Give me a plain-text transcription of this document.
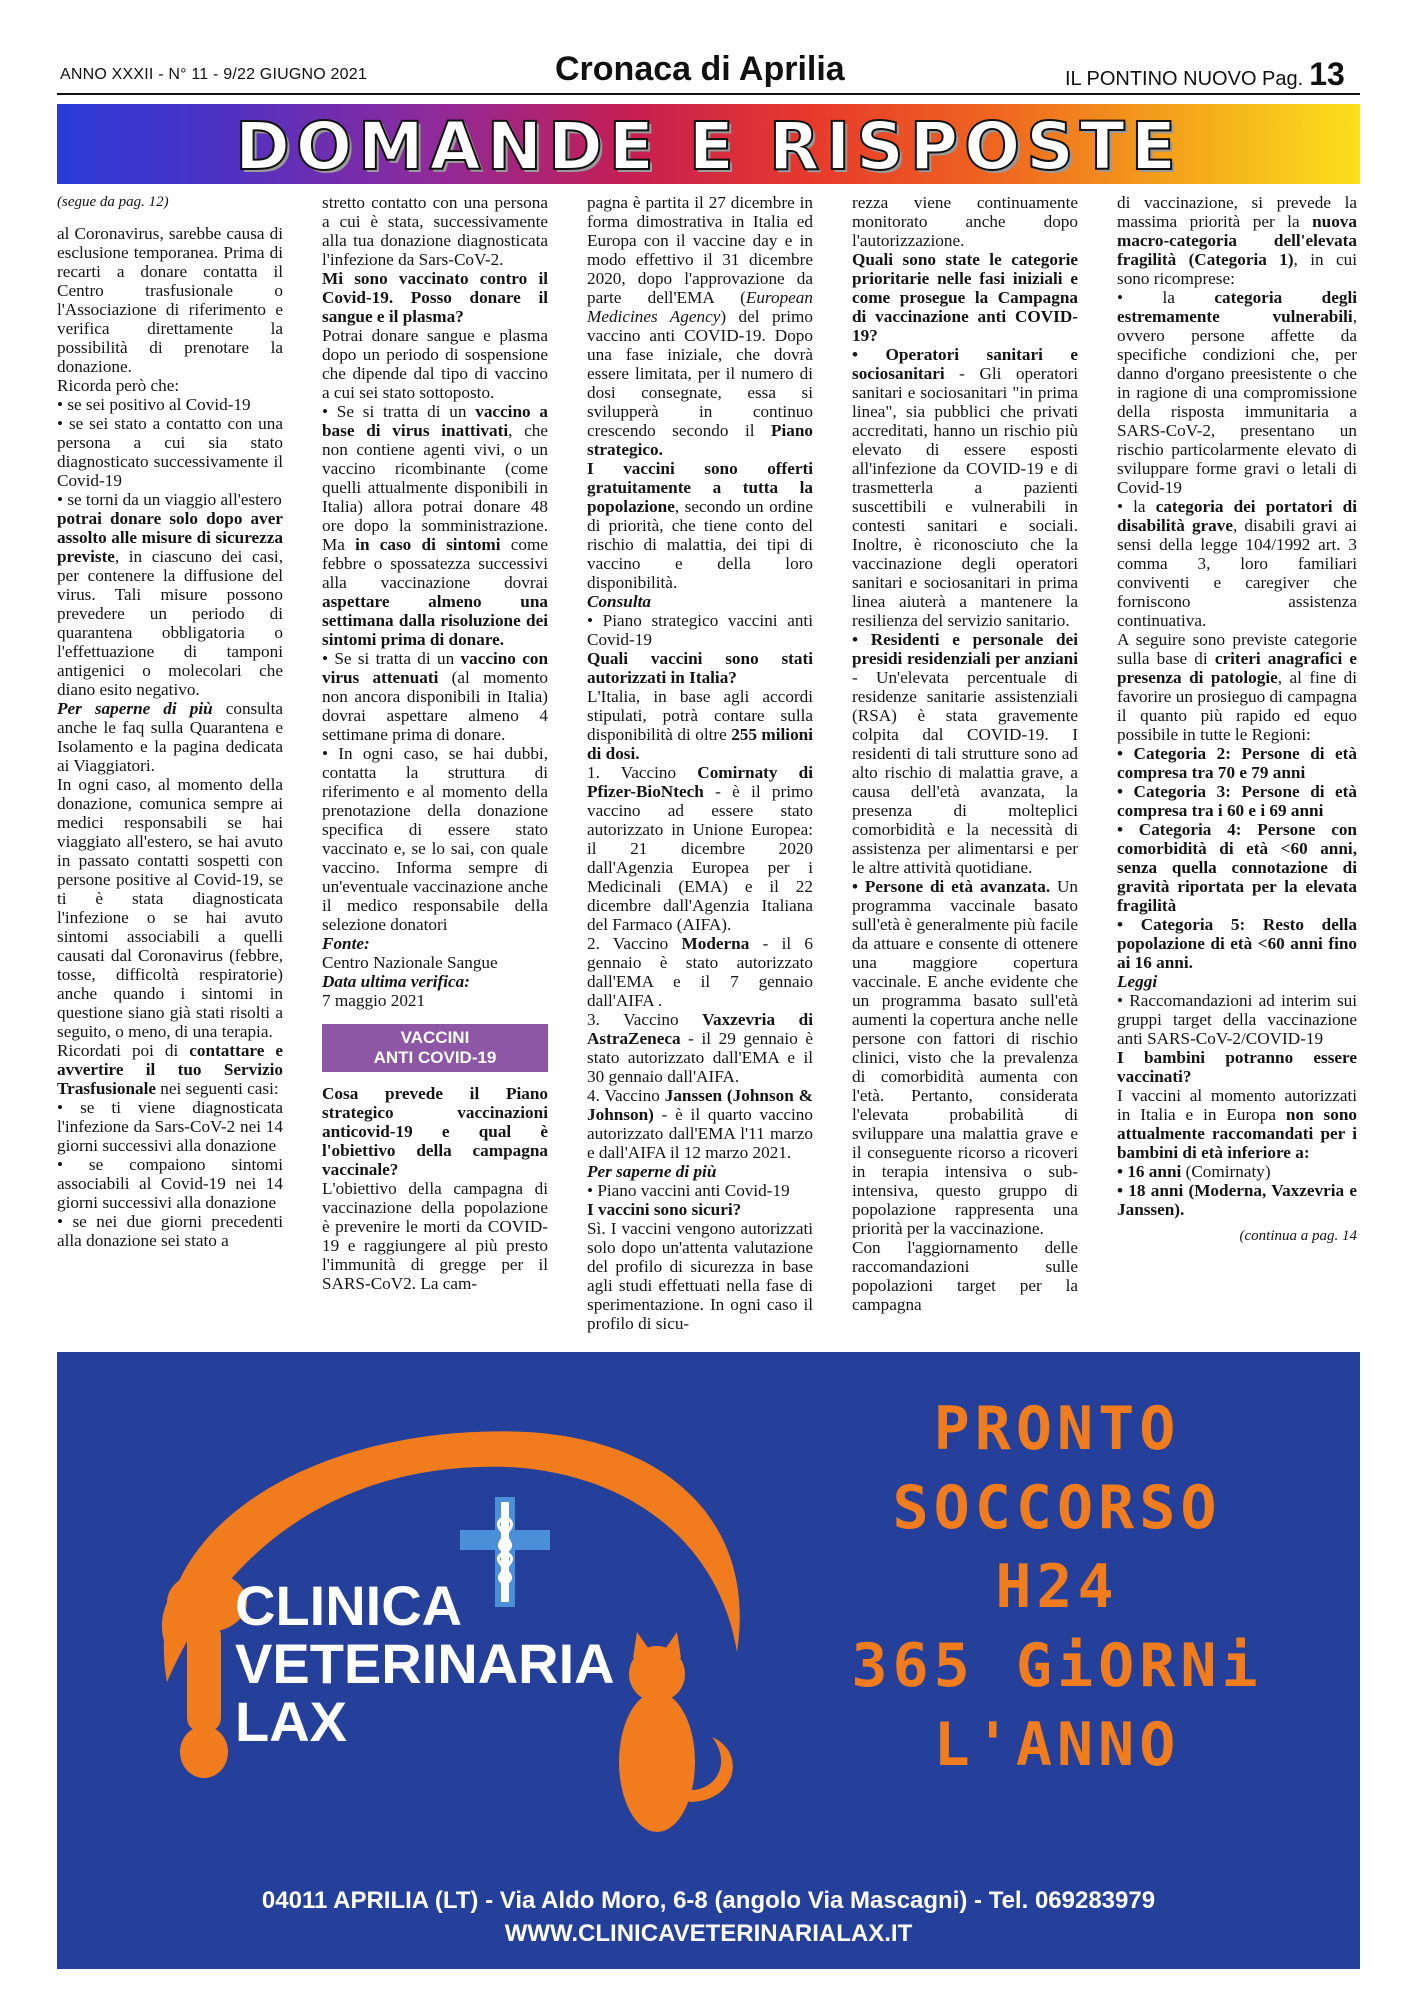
ANNO XXXII - N° 11 - 9/22 GIUGNO 2021	Cronaca di Aprilia	IL PONTINO NUOVO Pag. 13
DOMANDE E RISPOSTE

(segue da pag. 12)

al Coronavirus, sarebbe causa di esclusione temporanea. Prima di recarti a donare contatta il Centro trasfusionale o l'Associazione di riferimento e verifica direttamente la possibilità di prenotare la donazione.

Ricorda però che:

• se sei positivo al Covid-19

• se sei stato a contatto con una persona a cui sia stato diagnosticato successivamente il Covid-19

• se torni da un viaggio all'estero

potrai donare solo dopo aver assolto alle misure di sicurezza previste, in ciascuno dei casi, per contenere la diffusione del virus. Tali misure possono prevedere un periodo di quarantena obbligatoria o l'effettuazione di tamponi antigenici o molecolari che diano esito negativo.

Per saperne di più consulta anche le faq sulla Quarantena e Isolamento e la pagina dedicata ai Viaggiatori.

In ogni caso, al momento della donazione, comunica sempre ai medici responsabili se hai viaggiato all'estero, se hai avuto in passato contatti sospetti con persone positive al Covid-19, se ti è stata diagnosticata l'infezione o se hai avuto sintomi associabili a quelli causati dal Coronavirus (febbre, tosse, difficoltà respiratorie) anche quando i sintomi in questione siano già stati risolti a seguito, o meno, di una terapia.

Ricordati poi di contattare e avvertire il tuo Servizio Trasfusionale nei seguenti casi:

• se ti viene diagnosticata l'infezione da Sars-CoV-2 nei 14 giorni successivi alla donazione

• se compaiono sintomi associabili al Covid-19 nei 14 giorni successivi alla donazione

• se nei due giorni precedenti alla donazione sei stato a

stretto contatto con una persona a cui è stata, successivamente alla tua donazione diagnosticata l'infezione da Sars-CoV-2.

Mi sono vaccinato contro il Covid-19. Posso donare il sangue e il plasma?

Potrai donare sangue e plasma dopo un periodo di sospensione che dipende dal tipo di vaccino a cui sei stato sottoposto.

• Se si tratta di un vaccino a base di virus inattivati, che non contiene agenti vivi, o un vaccino ricombinante (come quelli attualmente disponibili in Italia) allora potrai donare 48 ore dopo la somministrazione. Ma in caso di sintomi come febbre o spossatezza successivi alla vaccinazione dovrai aspettare almeno una settimana dalla risoluzione dei sintomi prima di donare.

• Se si tratta di un vaccino con virus attenuati (al momento non ancora disponibili in Italia) dovrai aspettare almeno 4 settimane prima di donare.

• In ogni caso, se hai dubbi, contatta la struttura di riferimento e al momento della prenotazione della donazione specifica di essere stato vaccinato e, se lo sai, con quale vaccino. Informa sempre di un'eventuale vaccinazione anche il medico responsabile della selezione donatori

Fonte:

Centro Nazionale Sangue

Data ultima verifica:

7 maggio 2021

VACCINI
ANTI COVID-19

Cosa prevede il Piano strategico vaccinazioni anticovid-19 e qual è l'obiettivo della campagna vaccinale?

L'obiettivo della campagna di vaccinazione della popolazione è prevenire le morti da COVID-19 e raggiungere al più presto l'immunità di gregge per il SARS-CoV2. La cam-

pagna è partita il 27 dicembre in forma dimostrativa in Italia ed Europa con il vaccine day e in modo effettivo il 31 dicembre 2020, dopo l'approvazione da parte dell'EMA (European Medicines Agency) del primo vaccino anti COVID-19. Dopo una fase iniziale, che dovrà essere limitata, per il numero di dosi consegnate, essa si svilupperà in continuo crescendo secondo il Piano strategico.

I vaccini sono offerti gratuitamente a tutta la popolazione, secondo un ordine di priorità, che tiene conto del rischio di malattia, dei tipi di vaccino e della loro disponibilità.

Consulta

• Piano strategico vaccini anti Covid-19

Quali vaccini sono stati autorizzati in Italia?

L'Italia, in base agli accordi stipulati, potrà contare sulla disponibilità di oltre 255 milioni di dosi.

1. Vaccino Comirnaty di Pfizer-BioNtech - è il primo vaccino ad essere stato autorizzato in Unione Europea: il 21 dicembre 2020 dall'Agenzia Europea per i Medicinali (EMA) e il 22 dicembre dall'Agenzia Italiana del Farmaco (AIFA).

2. Vaccino Moderna - il 6 gennaio è stato autorizzato dall'EMA e il 7 gennaio dall'AIFA .

3. Vaccino Vaxzevria di AstraZeneca - il 29 gennaio è stato autorizzato dall'EMA e il 30 gennaio dall'AIFA.

4. Vaccino Janssen (Johnson & Johnson) - è il quarto vaccino autorizzato dall'EMA l'11 marzo e dall'AIFA il 12 marzo 2021.

Per saperne di più

• Piano vaccini anti Covid-19

I vaccini sono sicuri?

Sì. I vaccini vengono autorizzati solo dopo un'attenta valutazione del profilo di sicurezza in base agli studi effettuati nella fase di sperimentazione. In ogni caso il profilo di sicu-

rezza viene continuamente monitorato anche dopo l'autorizzazione.

Quali sono state le categorie prioritarie nelle fasi iniziali e come prosegue la Campagna di vaccinazione anti COVID-19?

• Operatori sanitari e sociosanitari - Gli operatori sanitari e sociosanitari "in prima linea", sia pubblici che privati accreditati, hanno un rischio più elevato di essere esposti all'infezione da COVID-19 e di trasmetterla a pazienti suscettibili e vulnerabili in contesti sanitari e sociali. Inoltre, è riconosciuto che la vaccinazione degli operatori sanitari e sociosanitari in prima linea aiuterà a mantenere la resilienza del servizio sanitario.

• Residenti e personale dei presidi residenziali per anziani - Un'elevata percentuale di residenze sanitarie assistenziali (RSA) è stata gravemente colpita dal COVID-19. I residenti di tali strutture sono ad alto rischio di malattia grave, a causa dell'età avanzata, la presenza di molteplici comorbidità e la necessità di assistenza per alimentarsi e per le altre attività quotidiane.

• Persone di età avanzata. Un programma vaccinale basato sull'età è generalmente più facile da attuare e consente di ottenere una maggiore copertura vaccinale. E anche evidente che un programma basato sull'età aumenti la copertura anche nelle persone con fattori di rischio clinici, visto che la prevalenza di comorbidità aumenta con l'età. Pertanto, considerata l'elevata probabilità di sviluppare una malattia grave e il conseguente ricorso a ricoveri in terapia intensiva o sub-intensiva, questo gruppo di popolazione rappresenta una priorità per la vaccinazione.

Con l'aggiornamento delle raccomandazioni sulle popolazioni target per la campagna

di vaccinazione, si prevede la massima priorità per la nuova macro-categoria dell'elevata fragilità (Categoria 1), in cui sono ricomprese:

• la categoria degli estremamente vulnerabili, ovvero persone affette da specifiche condizioni che, per danno d'organo preesistente o che in ragione di una compromissione della risposta immunitaria a SARS-CoV-2, presentano un rischio particolarmente elevato di sviluppare forme gravi o letali di Covid-19

• la categoria dei portatori di disabilità grave, disabili gravi ai sensi della legge 104/1992 art. 3 comma 3, loro familiari conviventi e caregiver che forniscono assistenza continuativa.

A seguire sono previste categorie sulla base di criteri anagrafici e presenza di patologie, al fine di favorire un prosieguo di campagna il quanto più rapido ed equo possibile in tutte le Regioni:

• Categoria 2: Persone di età compresa tra 70 e 79 anni

• Categoria 3: Persone di età compresa tra i 60 e i 69 anni

• Categoria 4: Persone con comorbidità di età <60 anni, senza quella connotazione di gravità riportata per la elevata fragilità

• Categoria 5: Resto della popolazione di età <60 anni fino ai 16 anni.

Leggi

• Raccomandazioni ad interim sui gruppi target della vaccinazione anti SARS-CoV-2/COVID-19

I bambini potranno essere vaccinati?

I vaccini al momento autorizzati in Italia e in Europa non sono attualmente raccomandati per i bambini di età inferiore a:

• 16 anni (Comirnaty)

• 18 anni (Moderna, Vaxzevria e Janssen).

(continua a pag. 14

CLINICA
VETERINARIA
LAX
PRONTO
SOCCORSO
H24
365 GiORNi
L'ANNO
04011 APRILIA (LT) - Via Aldo Moro, 6-8 (angolo Via Mascagni) - Tel. 069283979
WWW.CLINICAVETERINARIALAX.IT
